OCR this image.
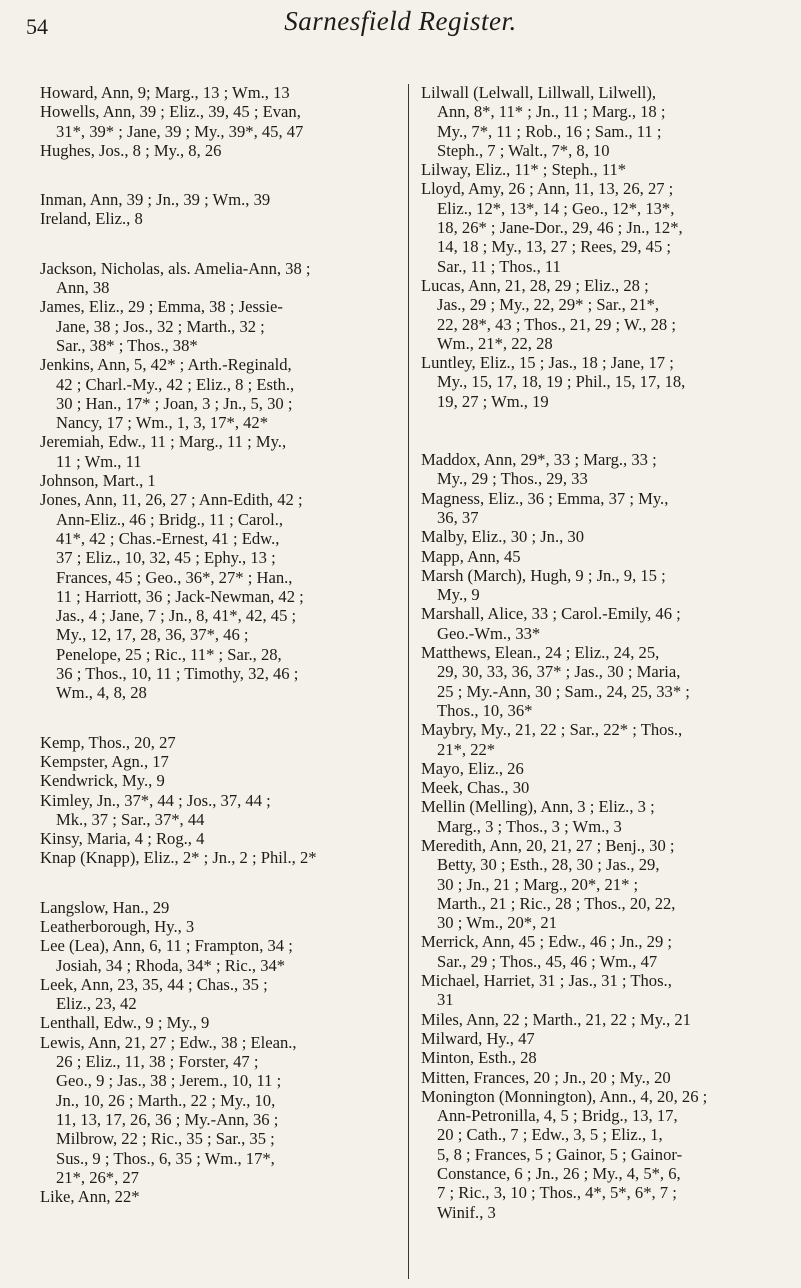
54	Sarnesfield Register.

Howard, Ann, 9; Marg., 13 ; Wm., 13

Howells, Ann, 39 ; Eliz., 39, 45 ; Evan,
31*, 39* ; Jane, 39 ; My., 39*, 45, 47

Hughes, Jos., 8 ; My., 8, 26

Inman, Ann, 39 ; Jn., 39 ; Wm., 39

Ireland, Eliz., 8

Jackson, Nicholas, als. Amelia-Ann, 38 ;
Ann, 38

James, Eliz., 29 ; Emma, 38 ; Jessie-
Jane, 38 ; Jos., 32 ; Marth., 32 ;
Sar., 38* ; Thos., 38*

Jenkins, Ann, 5, 42* ; Arth.-Reginald,
42 ; Charl.-My., 42 ; Eliz., 8 ; Esth.,
30 ; Han., 17* ; Joan, 3 ; Jn., 5, 30 ;
Nancy, 17 ; Wm., 1, 3, 17*, 42*

Jeremiah, Edw., 11 ; Marg., 11 ; My.,
11 ; Wm., 11

Johnson, Mart., 1

Jones, Ann, 11, 26, 27 ; Ann-Edith, 42 ;
Ann-Eliz., 46 ; Bridg., 11 ; Carol.,
41*, 42 ; Chas.-Ernest, 41 ; Edw.,
37 ; Eliz., 10, 32, 45 ; Ephy., 13 ;
Frances, 45 ; Geo., 36*, 27* ; Han.,
11 ; Harriott, 36 ; Jack-Newman, 42 ;
Jas., 4 ; Jane, 7 ; Jn., 8, 41*, 42, 45 ;
My., 12, 17, 28, 36, 37*, 46 ;
Penelope, 25 ; Ric., 11* ; Sar., 28,
36 ; Thos., 10, 11 ; Timothy, 32, 46 ;
Wm., 4, 8, 28

Kemp, Thos., 20, 27

Kempster, Agn., 17

Kendwrick, My., 9

Kimley, Jn., 37*, 44 ; Jos., 37, 44 ;
Mk., 37 ; Sar., 37*, 44

Kinsy, Maria, 4 ; Rog., 4

Knap (Knapp), Eliz., 2* ; Jn., 2 ; Phil., 2*

Langslow, Han., 29

Leatherborough, Hy., 3

Lee (Lea), Ann, 6, 11 ; Frampton, 34 ;
Josiah, 34 ; Rhoda, 34* ; Ric., 34*

Leek, Ann, 23, 35, 44 ; Chas., 35 ;
Eliz., 23, 42

Lenthall, Edw., 9 ; My., 9

Lewis, Ann, 21, 27 ; Edw., 38 ; Elean.,
26 ; Eliz., 11, 38 ; Forster, 47 ;
Geo., 9 ; Jas., 38 ; Jerem., 10, 11 ;
Jn., 10, 26 ; Marth., 22 ; My., 10,
11, 13, 17, 26, 36 ; My.-Ann, 36 ;
Milbrow, 22 ; Ric., 35 ; Sar., 35 ;
Sus., 9 ; Thos., 6, 35 ; Wm., 17*,
21*, 26*, 27

Like, Ann, 22*

Lilwall (Lelwall, Lillwall, Lilwell),
Ann, 8*, 11* ; Jn., 11 ; Marg., 18 ;
My., 7*, 11 ; Rob., 16 ; Sam., 11 ;
Steph., 7 ; Walt., 7*, 8, 10

Lilway, Eliz., 11* ; Steph., 11*

Lloyd, Amy, 26 ; Ann, 11, 13, 26, 27 ;
Eliz., 12*, 13*, 14 ; Geo., 12*, 13*,
18, 26* ; Jane-Dor., 29, 46 ; Jn., 12*,
14, 18 ; My., 13, 27 ; Rees, 29, 45 ;
Sar., 11 ; Thos., 11

Lucas, Ann, 21, 28, 29 ; Eliz., 28 ;
Jas., 29 ; My., 22, 29* ; Sar., 21*,
22, 28*, 43 ; Thos., 21, 29 ; W., 28 ;
Wm., 21*, 22, 28

Luntley, Eliz., 15 ; Jas., 18 ; Jane, 17 ;
My., 15, 17, 18, 19 ; Phil., 15, 17, 18,
19, 27 ; Wm., 19

Maddox, Ann, 29*, 33 ; Marg., 33 ;
My., 29 ; Thos., 29, 33

Magness, Eliz., 36 ; Emma, 37 ; My.,
36, 37

Malby, Eliz., 30 ; Jn., 30

Mapp, Ann, 45

Marsh (March), Hugh, 9 ; Jn., 9, 15 ;
My., 9

Marshall, Alice, 33 ; Carol.-Emily, 46 ;
Geo.-Wm., 33*

Matthews, Elean., 24 ; Eliz., 24, 25,
29, 30, 33, 36, 37* ; Jas., 30 ; Maria,
25 ; My.-Ann, 30 ; Sam., 24, 25, 33* ;
Thos., 10, 36*

Maybry, My., 21, 22 ; Sar., 22* ; Thos.,
21*, 22*

Mayo, Eliz., 26

Meek, Chas., 30

Mellin (Melling), Ann, 3 ; Eliz., 3 ;
Marg., 3 ; Thos., 3 ; Wm., 3

Meredith, Ann, 20, 21, 27 ; Benj., 30 ;
Betty, 30 ; Esth., 28, 30 ; Jas., 29,
30 ; Jn., 21 ; Marg., 20*, 21* ;
Marth., 21 ; Ric., 28 ; Thos., 20, 22,
30 ; Wm., 20*, 21

Merrick, Ann, 45 ; Edw., 46 ; Jn., 29 ;
Sar., 29 ; Thos., 45, 46 ; Wm., 47

Michael, Harriet, 31 ; Jas., 31 ; Thos.,
31

Miles, Ann, 22 ; Marth., 21, 22 ; My., 21

Milward, Hy., 47

Minton, Esth., 28

Mitten, Frances, 20 ; Jn., 20 ; My., 20

Monington (Monnington), Ann., 4, 20, 26 ;
Ann-Petronilla, 4, 5 ; Bridg., 13, 17,
20 ; Cath., 7 ; Edw., 3, 5 ; Eliz., 1,
5, 8 ; Frances, 5 ; Gainor, 5 ; Gainor-
Constance, 6 ; Jn., 26 ; My., 4, 5*, 6,
7 ; Ric., 3, 10 ; Thos., 4*, 5*, 6*, 7 ;
Winif., 3
